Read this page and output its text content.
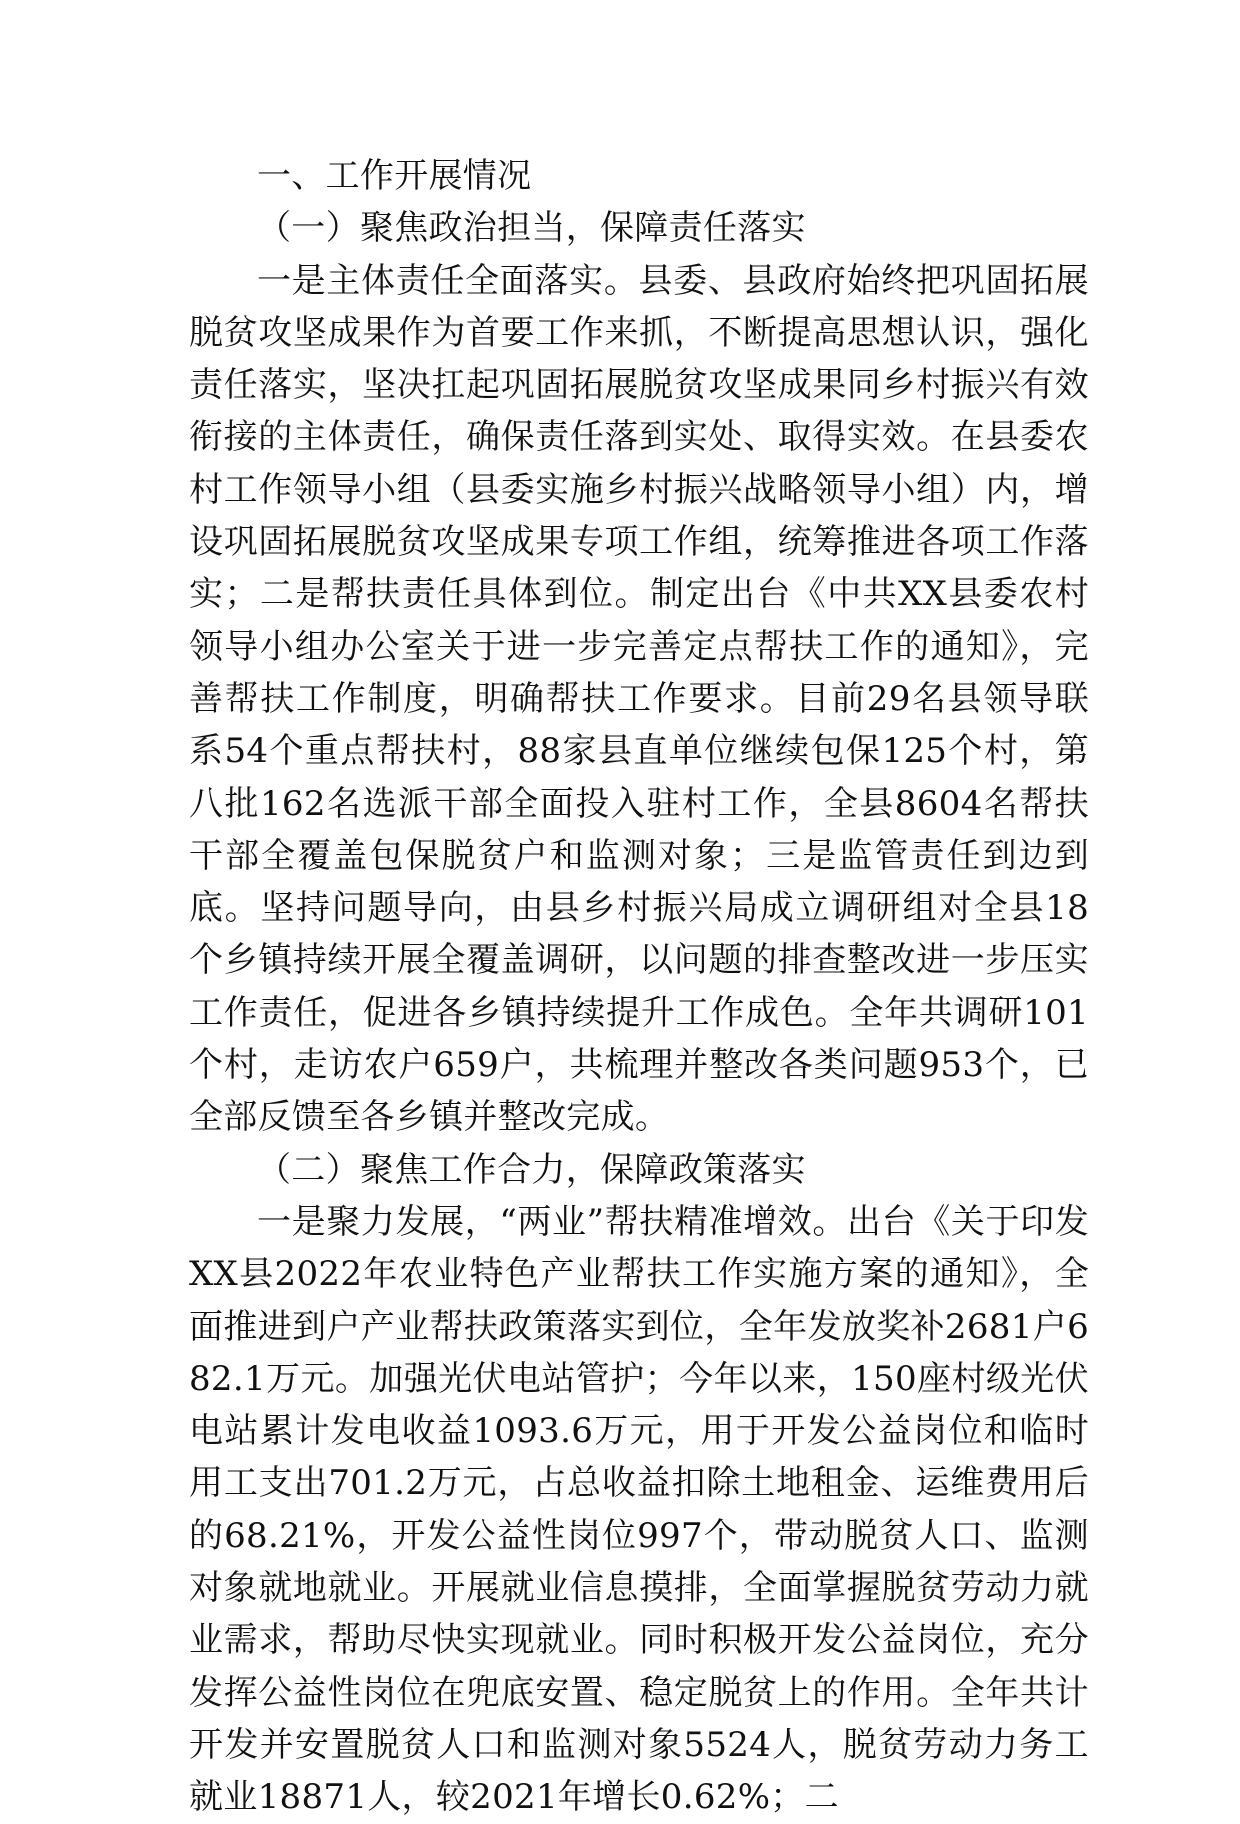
一、工作开展情况

（一）聚焦政治担当，保障责任落实

一是主体责任全面落实。县委、县政府始终把巩固拓展脱贫攻坚成果作为首要工作来抓，不断提高思想认识，强化责任落实，坚决扛起巩固拓展脱贫攻坚成果同乡村振兴有效衔接的主体责任，确保责任落到实处、取得实效。在县委农村工作领导小组（县委实施乡村振兴战略领导小组）内，增设巩固拓展脱贫攻坚成果专项工作组，统筹推进各项工作落实；二是帮扶责任具体到位。制定出台《中共XX县委农村领导小组办公室关于进一步完善定点帮扶工作的通知》，完善帮扶工作制度，明确帮扶工作要求。目前29名县领导联系54个重点帮扶村，88家县直单位继续包保125个村，第八批162名选派干部全面投入驻村工作，全县8604名帮扶干部全覆盖包保脱贫户和监测对象；三是监管责任到边到底。坚持问题导向，由县乡村振兴局成立调研组对全县18个乡镇持续开展全覆盖调研，以问题的排查整改进一步压实工作责任，促进各乡镇持续提升工作成色。全年共调研101个村，走访农户659户，共梳理并整改各类问题953个，已全部反馈至各乡镇并整改完成。

（二）聚焦工作合力，保障政策落实

一是聚力发展，“两业”帮扶精准增效。出台《关于印发XX县2022年农业特色产业帮扶工作实施方案的通知》，全面推进到户产业帮扶政策落实到位，全年发放奖补2681户682.1万元。加强光伏电站管护；今年以来，150座村级光伏电站累计发电收益1093.6万元，用于开发公益岗位和临时用工支出701.2万元，占总收益扣除土地租金、运维费用后的68.21%，开发公益性岗位997个，带动脱贫人口、监测对象就地就业。开展就业信息摸排，全面掌握脱贫劳动力就业需求，帮助尽快实现就业。同时积极开发公益岗位，充分发挥公益性岗位在兜底安置、稳定脱贫上的作用。全年共计开发并安置脱贫人口和监测对象5524人，脱贫劳动力务工就业18871人，较2021年增长0.62%；二
